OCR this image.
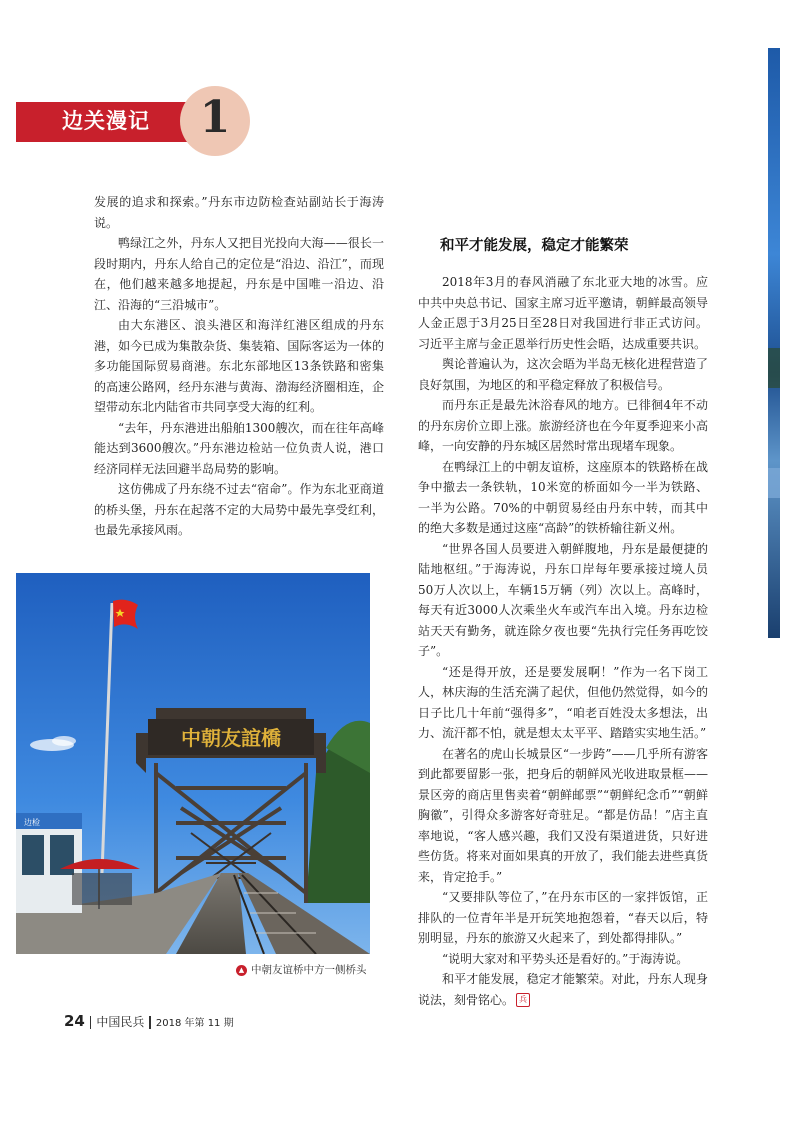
边关漫记	1

发展的追求和探索。”丹东市边防检查站副站长于海涛说。

鸭绿江之外，丹东人又把目光投向大海——很长一段时期内，丹东人给自己的定位是“沿边、沿江”，而现在，他们越来越多地提起，丹东是中国唯一沿边、沿江、沿海的“三沿城市”。

由大东港区、浪头港区和海洋红港区组成的丹东港，如今已成为集散杂货、集装箱、国际客运为一体的多功能国际贸易商港。东北东部地区13条铁路和密集的高速公路网，经丹东港与黄海、渤海经济圈相连，企望带动东北内陆省市共同享受大海的红利。

“去年，丹东港进出船舶1300艘次，而在往年高峰能达到3600艘次。”丹东港边检站一位负责人说，港口经济同样无法回避半岛局势的影响。

这仿佛成了丹东绕不过去“宿命”。作为东北亚商道的桥头堡，丹东在起落不定的大局势中最先享受红利，也最先承接风雨。

和平才能发展，稳定才能繁荣

2018年3月的春风消融了东北亚大地的冰雪。应中共中央总书记、国家主席习近平邀请，朝鲜最高领导人金正恩于3月25日至28日对我国进行非正式访问。习近平主席与金正恩举行历史性会晤，达成重要共识。

舆论普遍认为，这次会晤为半岛无核化进程营造了良好氛围，为地区的和平稳定释放了积极信号。

而丹东正是最先沐浴春风的地方。已徘徊4年不动的丹东房价立即上涨。旅游经济也在今年夏季迎来小高峰，一向安静的丹东城区居然时常出现堵车现象。

在鸭绿江上的中朝友谊桥，这座原本的铁路桥在战争中撤去一条铁轨，10米宽的桥面如今一半为铁路、一半为公路。70%的中朝贸易经由丹东中转，而其中的绝大多数是通过这座“高龄”的铁桥输往新义州。

“世界各国人员要进入朝鲜腹地，丹东是最便捷的陆地枢纽。”于海涛说，丹东口岸每年要承接过境人员50万人次以上，车辆15万辆（列）次以上。高峰时，每天有近3000人次乘坐火车或汽车出入境。丹东边检站天天有勤务，就连除夕夜也要“先执行完任务再吃饺子”。

“还是得开放，还是要发展啊！”作为一名下岗工人，林庆海的生活充满了起伏，但他仍然觉得，如今的日子比几十年前“强得多”，“咱老百姓没太多想法，出力、流汗都不怕，就是想太太平平、踏踏实实地生活。”

在著名的虎山长城景区“一步跨”——几乎所有游客到此都要留影一张，把身后的朝鲜风光收进取景框——景区旁的商店里售卖着“朝鲜邮票”“朝鲜纪念币”“朝鲜胸徽”，引得众多游客好奇驻足。“都是仿品！”店主直率地说，“客人感兴趣，我们又没有渠道进货，只好进些仿货。将来对面如果真的开放了，我们能去进些真货来，肯定抢手。”

“又要排队等位了，”在丹东市区的一家拌饭馆，正排队的一位青年半是开玩笑地抱怨着，“春天以后，特别明显，丹东的旅游又火起来了，到处都得排队。”

“说明大家对和平势头还是看好的。”于海涛说。

和平才能发展，稳定才能繁荣。对此，丹东人现身说法，刻骨铭心。 兵

中朝友誼橋
边检
▲ 中朝友谊桥中方一侧桥头
24 中国民兵 2018 年第 11 期
